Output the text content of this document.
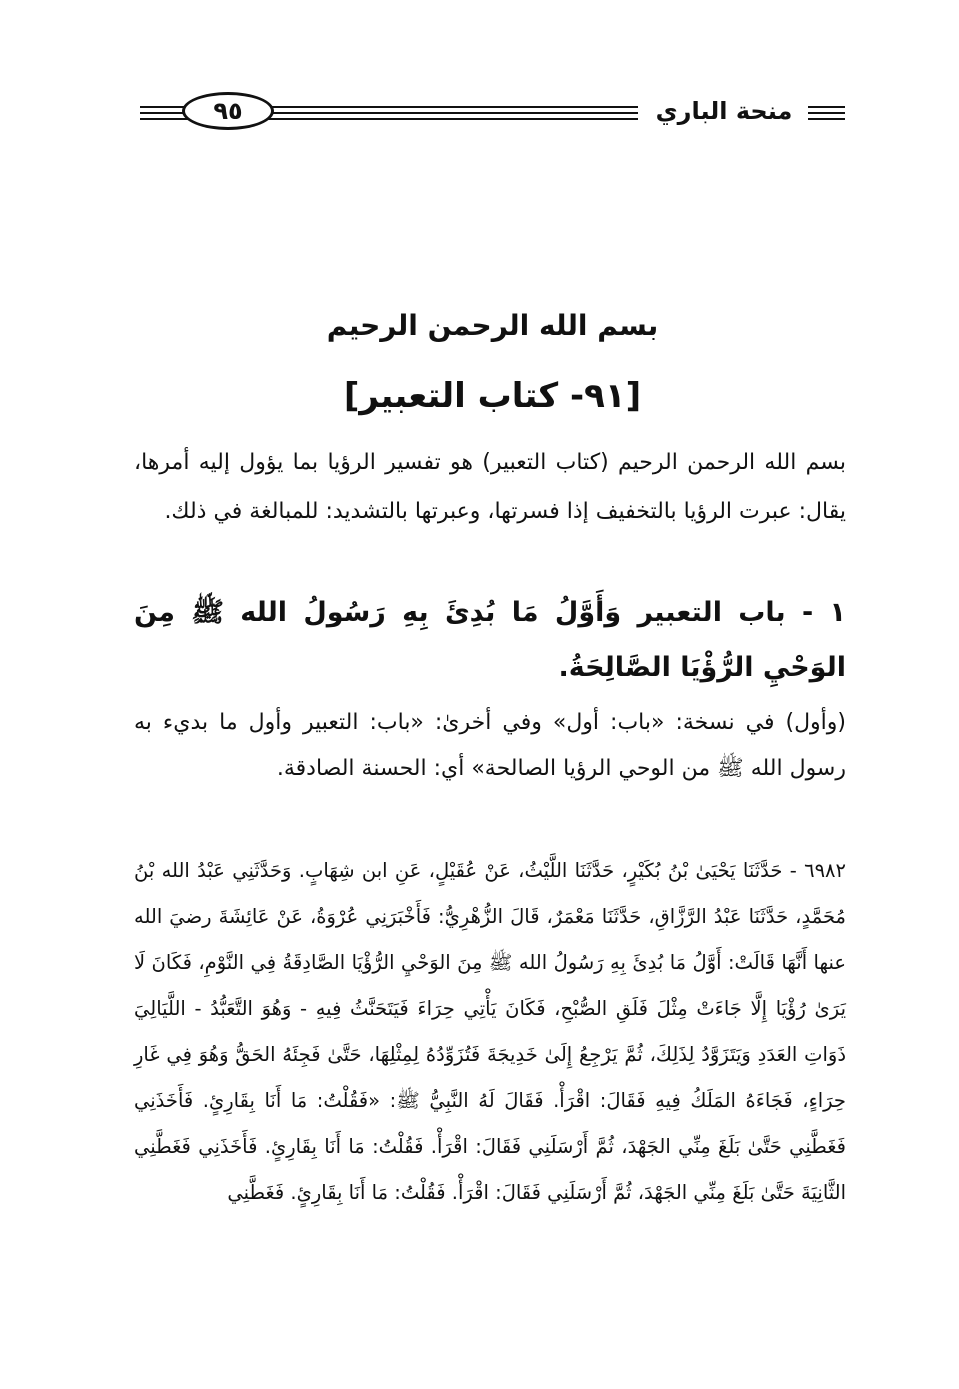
٩٥	منحة الباري
بسم الله الرحمن الرحيم
[٩١- كتاب التعبير]

بسم الله الرحمن الرحيم (كتاب التعبير) هو تفسير الرؤيا بما يؤول إليه أمرها، يقال: عبرت الرؤيا بالتخفيف إذا فسرتها، وعبرتها بالتشديد: للمبالغة في ذلك.

١ - باب التعبير وَأَوَّلُ مَا بُدِئَ بِهِ رَسُولُ الله ﷺ مِنَ الوَحْيِ الرُّؤْيَا الصَّالِحَةُ.

(وأول) في نسخة: «باب: أول» وفي أخرىٰ: «باب: التعبير وأول ما بديء به رسول الله ﷺ من الوحي الرؤيا الصالحة» أي: الحسنة الصادقة.

٦٩٨٢ - حَدَّثَنَا يَحْيَىٰ بْنُ بُكَيْرٍ، حَدَّثَنَا اللَّيْثُ، عَنْ عُقَيْلٍ، عَنِ ابن شِهَابٍ. وَحَدَّثَنِي عَبْدُ الله بْنُ مُحَمَّدٍ، حَدَّثَنَا عَبْدُ الرَّزَّاقِ، حَدَّثَنَا مَعْمَرٌ، قَالَ الزُّهْرِيُّ: فَأَخْبَرَنِي عُرْوَةُ، عَنْ عَائِشَةَ رضيَ الله عنها أَنَّهَا قَالَتْ: أَوَّلُ مَا بُدِئَ بِهِ رَسُولُ الله ﷺ مِنَ الوَحْيِ الرُّؤْيَا الصَّادِقَةُ فِي النَّوْمِ، فَكَانَ لَا يَرَىٰ رُؤْيَا إِلَّا جَاءَتْ مِثْلَ فَلَقِ الصُّبْحِ، فَكَانَ يَأْتِي حِرَاءَ فَيَتَحَنَّثُ فِيهِ - وَهُوَ التَّعَبُّدُ - اللَّيَالِيَ ذَوَاتِ العَدَدِ وَيَتَزَوَّدُ لِذَلِكَ، ثُمَّ يَرْجِعُ إِلَىٰ خَدِيجَةَ فَتُزَوِّدُهُ لِمِثْلِهَا، حَتَّىٰ فَجِئَهُ الحَقُّ وَهُوَ فِي غَارِ حِرَاءٍ، فَجَاءَهُ المَلَكُ فِيهِ فَقَالَ: اقْرَأْ. فَقَالَ لَهُ النَّبِيُّ ﷺ: «فَقُلْتُ: مَا أَنَا بِقَارِئٍ. فَأَخَذَنِي فَغَطَّنِي حَتَّىٰ بَلَغَ مِنِّي الجَهْدَ، ثُمَّ أَرْسَلَنِي فَقَالَ: اقْرَأْ. فَقُلْتُ: مَا أَنَا بِقَارِئٍ. فَأَخَذَنِي فَغَطَّنِي الثَّانِيَةَ حَتَّىٰ بَلَغَ مِنِّي الجَهْدَ، ثُمَّ أَرْسَلَنِي فَقَالَ: اقْرَأْ. فَقُلْتُ: مَا أَنَا بِقَارِئٍ. فَغَطَّنِي
